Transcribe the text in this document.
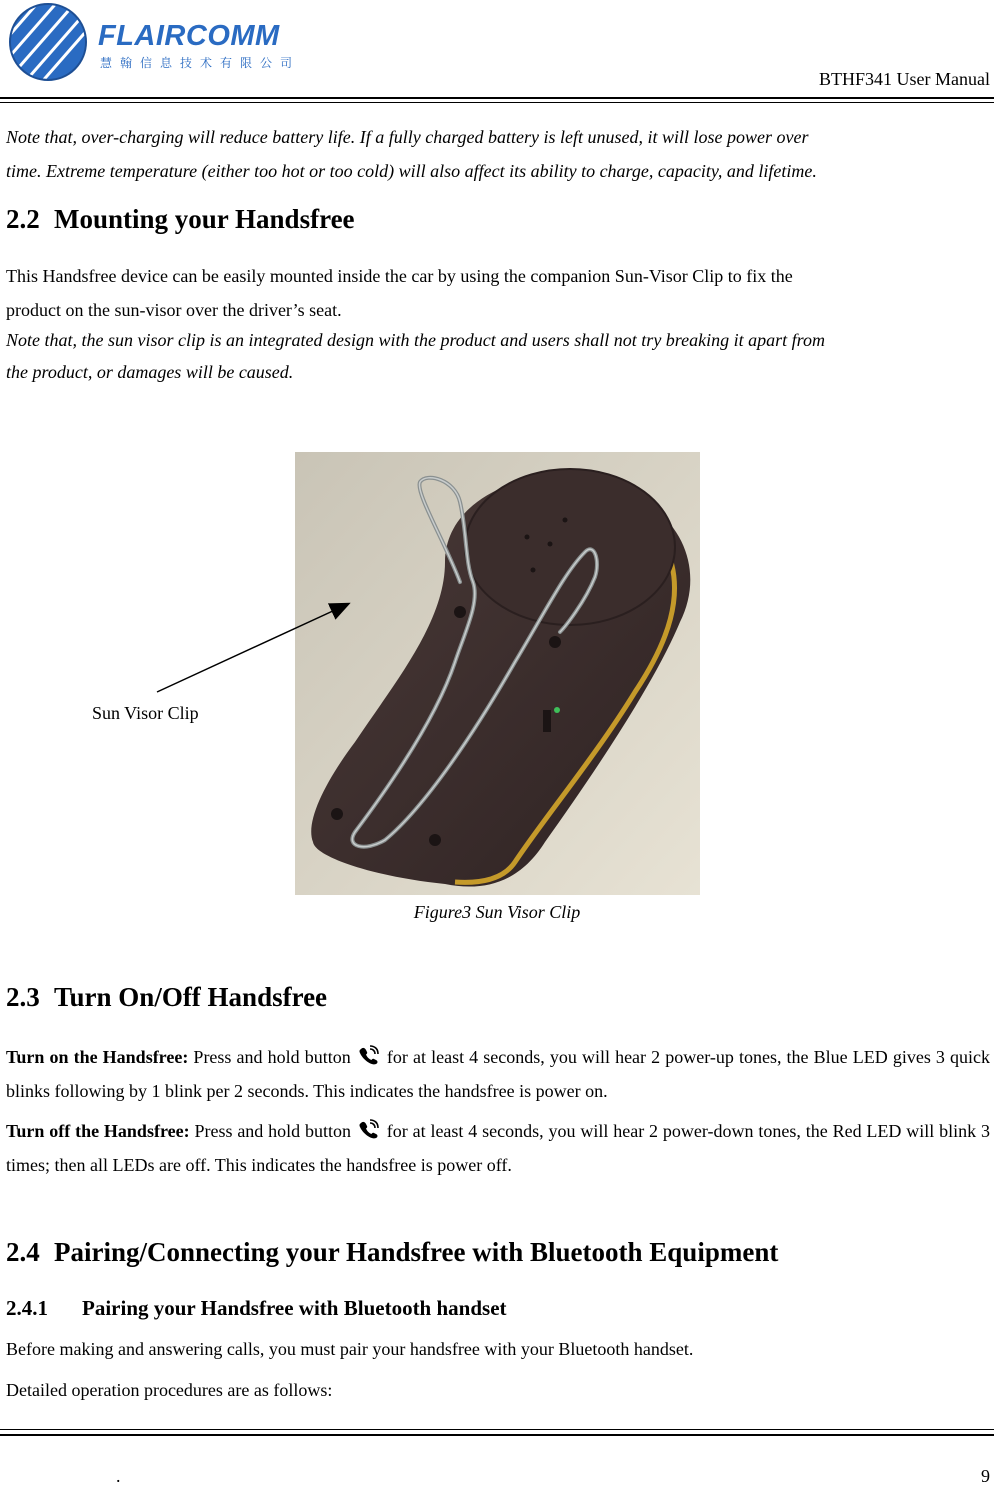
FLAIRCOMM
慧翰信息技术有限公司
BTHF341 User Manual
Note that, over-charging will reduce battery life. If a fully charged battery is left unused, it will lose power over
time. Extreme temperature (either too hot or too cold) will also affect its ability to charge, capacity, and lifetime.
2.2 Mounting your Handsfree
This Handsfree device can be easily mounted inside the car by using the companion Sun-Visor Clip to fix the
product on the sun-visor over the driver’s seat.
Note that, the sun visor clip is an integrated design with the product and users shall not try breaking it apart from
the product, or damages will be caused.
Sun Visor Clip
Figure3 Sun Visor Clip
2.3 Turn On/Off Handsfree
Turn on the Handsfree: Press and hold button  for at least 4 seconds, you will hear 2 power-up tones, the Blue LED gives 3 quick blinks following by 1 blink per 2 seconds. This indicates the handsfree is power on.
Turn off the Handsfree: Press and hold button  for at least 4 seconds, you will hear 2 power-down tones, the Red LED will blink 3 times; then all LEDs are off. This indicates the handsfree is power off.
2.4 Pairing/Connecting your Handsfree with Bluetooth Equipment
2.4.1 Pairing your Handsfree with Bluetooth handset
Before making and answering calls, you must pair your handsfree with your Bluetooth handset.
Detailed operation procedures are as follows:
.	9
